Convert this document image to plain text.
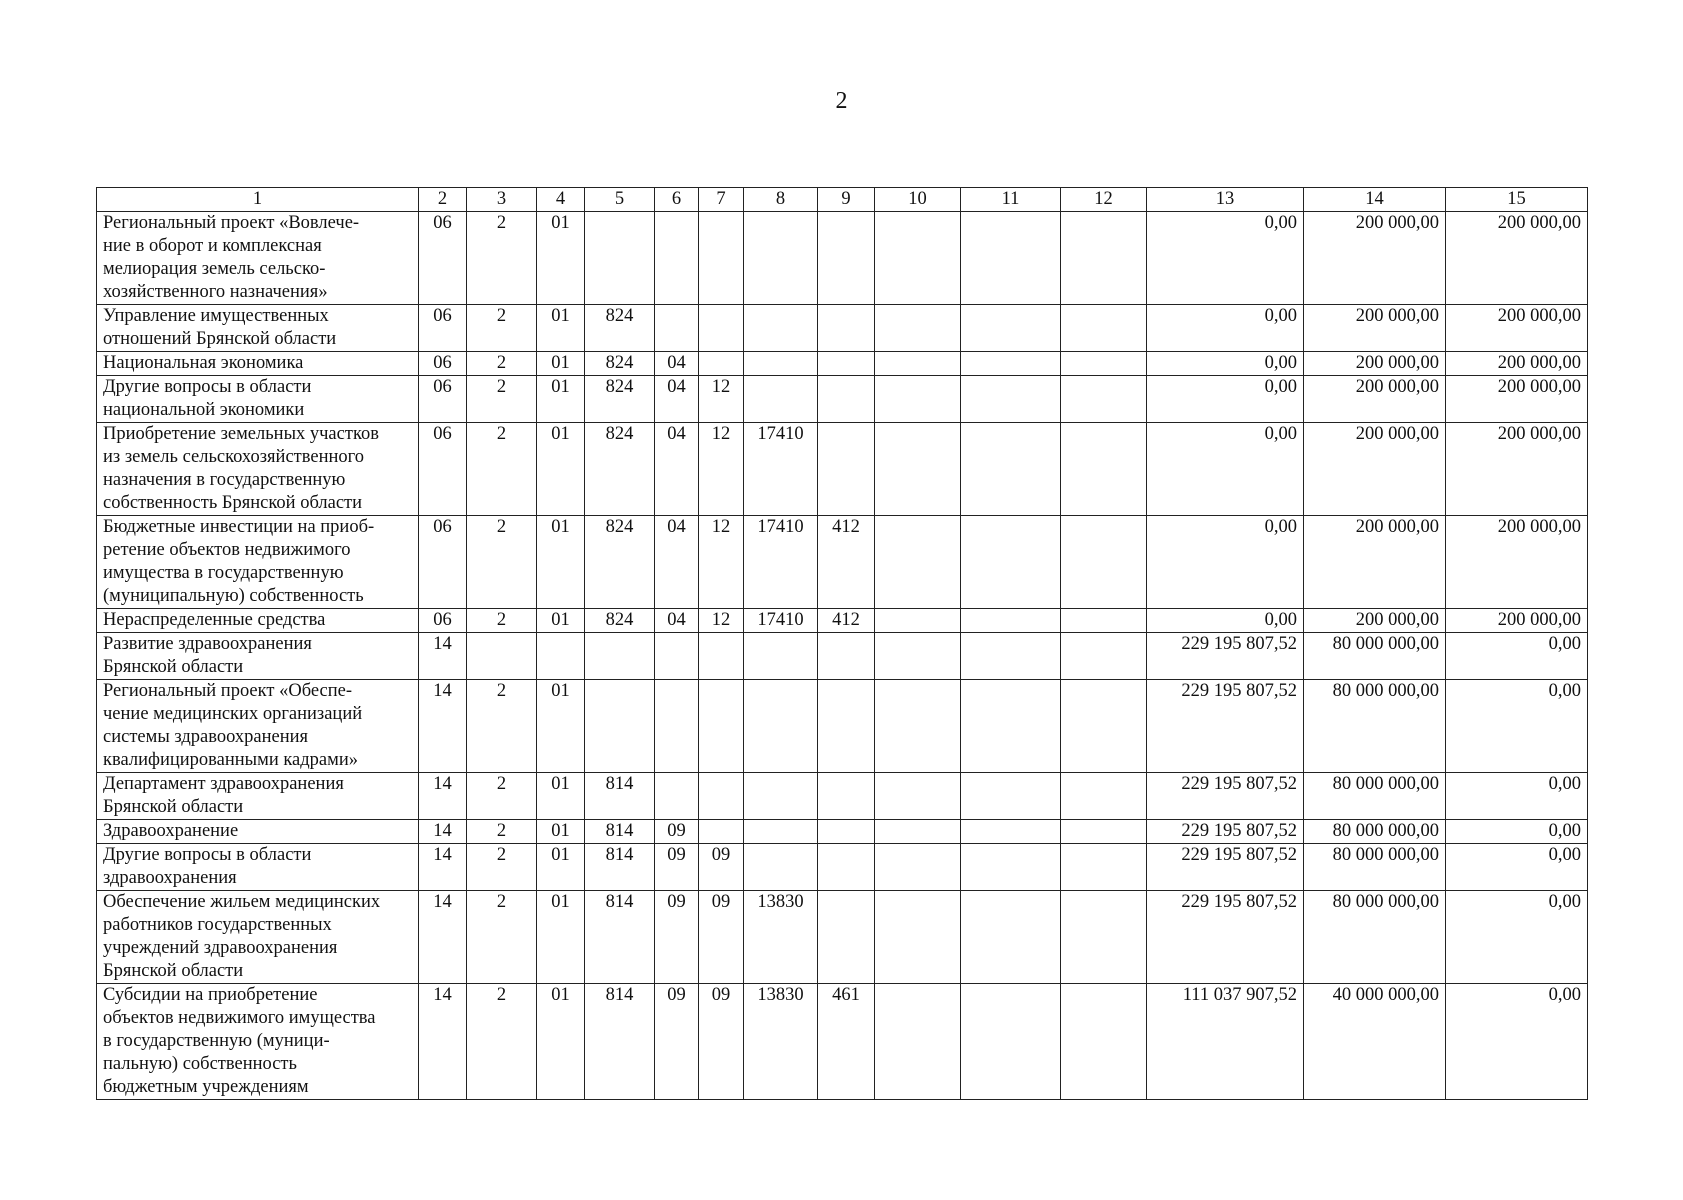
2
1	2	3	4	5	6	7	8	9	10	11	12	13	14	15
Региональный проект «Вовлече-
ние в оборот и комплексная
мелиорация земель сельско-
хозяйственного назначения»	06	2	01									0,00	200 000,00	200 000,00
Управление имущественных
отношений Брянской области	06	2	01	824								0,00	200 000,00	200 000,00
Национальная экономика	06	2	01	824	04							0,00	200 000,00	200 000,00
Другие вопросы в области
национальной экономики	06	2	01	824	04	12						0,00	200 000,00	200 000,00
Приобретение земельных участков
из земель сельскохозяйственного
назначения в государственную
собственность Брянской области	06	2	01	824	04	12	17410					0,00	200 000,00	200 000,00
Бюджетные инвестиции на приоб-
ретение объектов недвижимого
имущества в государственную
(муниципальную) собственность	06	2	01	824	04	12	17410	412				0,00	200 000,00	200 000,00
Нераспределенные средства	06	2	01	824	04	12	17410	412				0,00	200 000,00	200 000,00
Развитие здравоохранения
Брянской области	14											229 195 807,52	80 000 000,00	0,00
Региональный проект «Обеспе-
чение медицинских организаций
системы здравоохранения
квалифицированными кадрами»	14	2	01									229 195 807,52	80 000 000,00	0,00
Департамент здравоохранения
Брянской области	14	2	01	814								229 195 807,52	80 000 000,00	0,00
Здравоохранение	14	2	01	814	09							229 195 807,52	80 000 000,00	0,00
Другие вопросы в области
здравоохранения	14	2	01	814	09	09						229 195 807,52	80 000 000,00	0,00
Обеспечение жильем медицинских
работников государственных
учреждений здравоохранения
Брянской области	14	2	01	814	09	09	13830					229 195 807,52	80 000 000,00	0,00
Субсидии на приобретение
объектов недвижимого имущества
в государственную (муници-
пальную) собственность
бюджетным учреждениям	14	2	01	814	09	09	13830	461				111 037 907,52	40 000 000,00	0,00
